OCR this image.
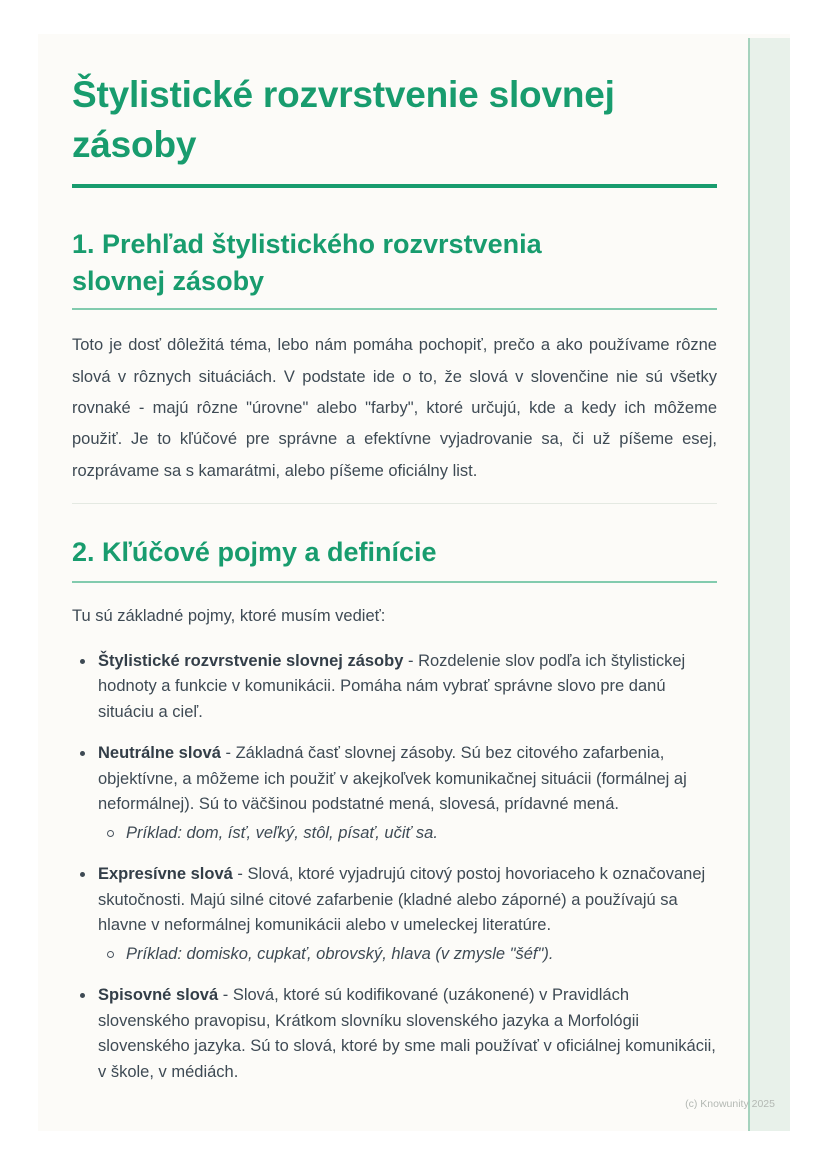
Štylistické rozvrstvenie slovnej zásoby
1. Prehľad štylistického rozvrstvenia slovnej zásoby

Toto je dosť dôležitá téma, lebo nám pomáha pochopiť, prečo a ako používame rôzne slová v rôznych situáciách. V podstate ide o to, že slová v slovenčine nie sú všetky rovnaké - majú rôzne "úrovne" alebo "farby", ktoré určujú, kde a kedy ich môžeme použiť. Je to kľúčové pre správne a efektívne vyjadrovanie sa, či už píšeme esej, rozprávame sa s kamarátmi, alebo píšeme oficiálny list.

2. Kľúčové pojmy a definície

Tu sú základné pojmy, ktoré musím vedieť:

Štylistické rozvrstvenie slovnej zásoby - Rozdelenie slov podľa ich štylistickej hodnoty a funkcie v komunikácii. Pomáha nám vybrať správne slovo pre danú situáciu a cieľ.
Neutrálne slová - Základná časť slovnej zásoby. Sú bez citového zafarbenia, objektívne, a môžeme ich použiť v akejkoľvek komunikačnej situácii (formálnej aj neformálnej). Sú to väčšinou podstatné mená, slovesá, prídavné mená.
Príklad: dom, ísť, veľký, stôl, písať, učiť sa.
Expresívne slová - Slová, ktoré vyjadrujú citový postoj hovoriaceho k označovanej skutočnosti. Majú silné citové zafarbenie (kladné alebo záporné) a používajú sa hlavne v neformálnej komunikácii alebo v umeleckej literatúre.
Príklad: domisko, cupkať, obrovský, hlava (v zmysle "šéf").
Spisovné slová - Slová, ktoré sú kodifikované (uzákonené) v Pravidlách slovenského pravopisu, Krátkom slovníku slovenského jazyka a Morfológii slovenského jazyka. Sú to slová, ktoré by sme mali používať v oficiálnej komunikácii, v škole, v médiách.
(c) Knowunity 2025
